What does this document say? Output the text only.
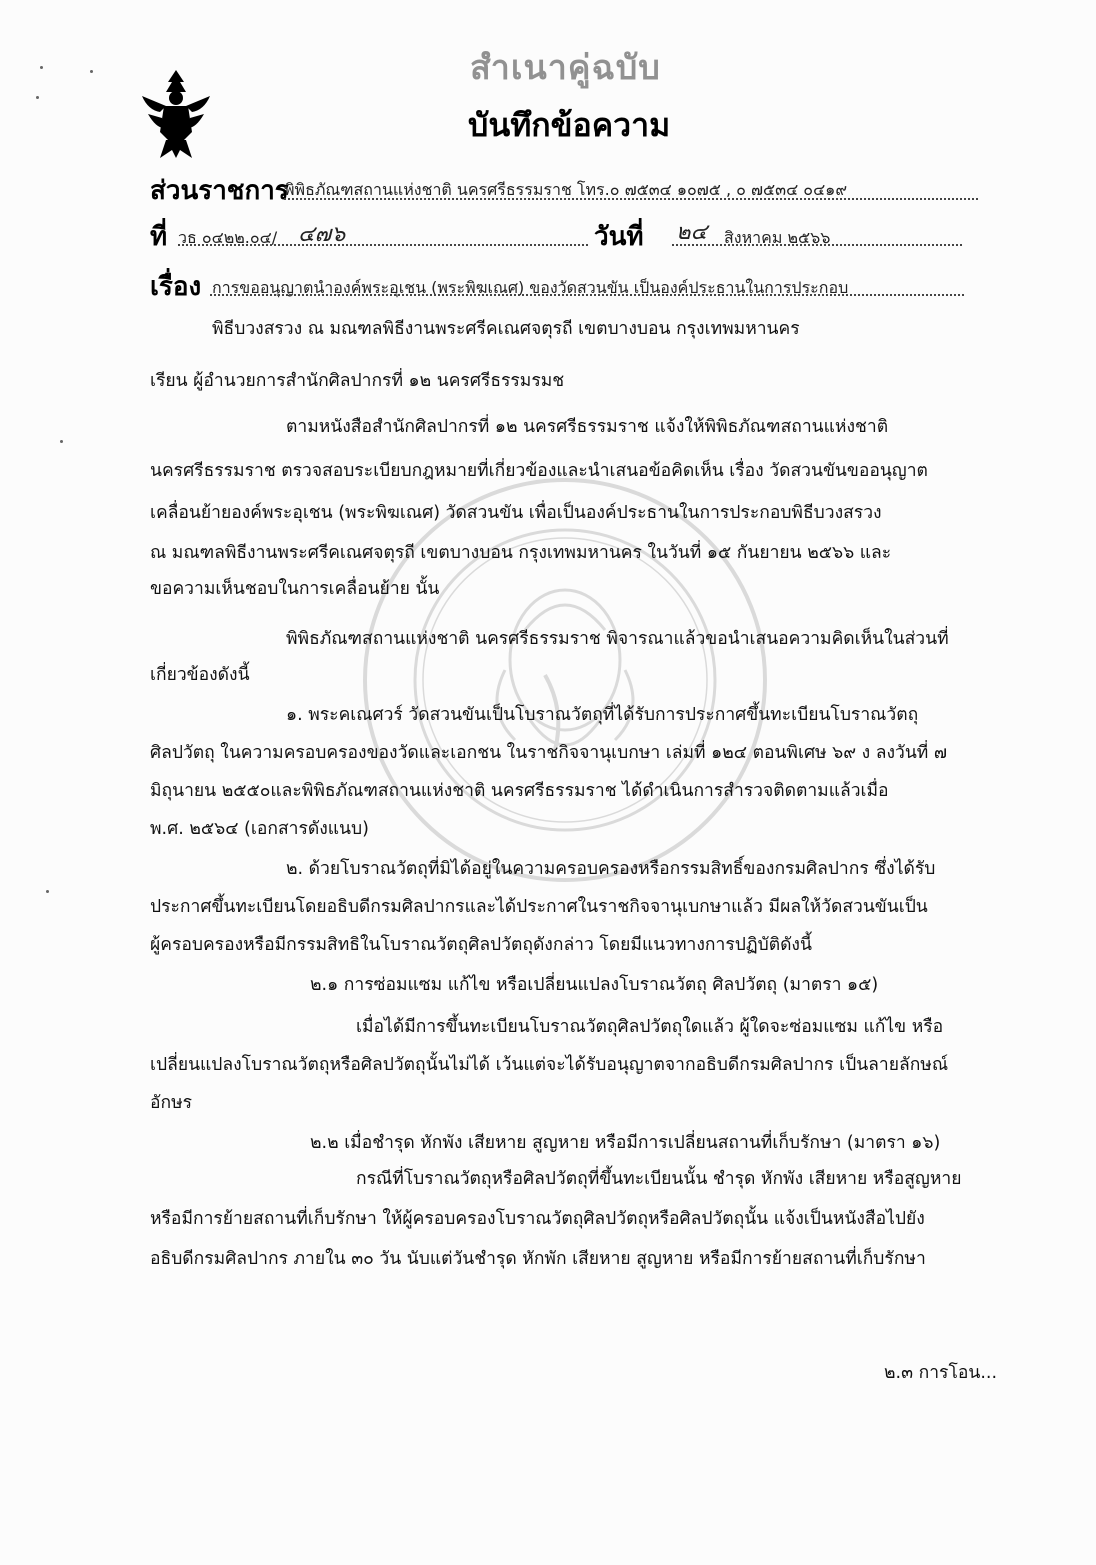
สำเนาคู่ฉบับ
บันทึกข้อความ
ส่วนราชการ
พิพิธภัณฑสถานแห่งชาติ นครศรีธรรมราช โทร.๐ ๗๕๓๔ ๑๐๗๕ , ๐ ๗๕๓๔ ๐๔๑๙
ที่ วธ ๐๔๒๒.๐๔/ ๔๗๖	วันที่ ๒๔ สิงหาคม ๒๕๖๖
เรื่อง การขออนุญาตนำองค์พระอุเชน (พระพิฆเณศ) ของวัดสวนขัน เป็นองค์ประธานในการประกอบ
พิธีบวงสรวง ณ มณฑลพิธีงานพระศรีคเณศจตุรถี เขตบางบอน กรุงเทพมหานคร
เรียน ผู้อำนวยการสำนักศิลปากรที่ ๑๒ นครศรีธรรมรมช
ตามหนังสือสำนักศิลปากรที่ ๑๒ นครศรีธรรมราช แจ้งให้พิพิธภัณฑสถานแห่งชาติ
นครศรีธรรมราช ตรวจสอบระเบียบกฎหมายที่เกี่ยวข้องและนำเสนอข้อคิดเห็น เรื่อง วัดสวนขันขออนุญาต
เคลื่อนย้ายองค์พระอุเชน (พระพิฆเณศ) วัดสวนขัน เพื่อเป็นองค์ประธานในการประกอบพิธีบวงสรวง
ณ มณฑลพิธีงานพระศรีคเณศจตุรถี เขตบางบอน กรุงเทพมหานคร ในวันที่ ๑๕ กันยายน ๒๕๖๖ และ
ขอความเห็นชอบในการเคลื่อนย้าย นั้น
พิพิธภัณฑสถานแห่งชาติ นครศรีธรรมราช พิจารณาแล้วขอนำเสนอความคิดเห็นในส่วนที่
เกี่ยวข้องดังนี้
๑. พระคเณศวร์ วัดสวนขันเป็นโบราณวัตถุที่ได้รับการประกาศขึ้นทะเบียนโบราณวัตถุ
ศิลปวัตถุ ในความครอบครองของวัดและเอกชน ในราชกิจจานุเบกษา เล่มที่ ๑๒๔ ตอนพิเศษ ๖๙ ง ลงวันที่ ๗
มิถุนายน ๒๕๕๐และพิพิธภัณฑสถานแห่งชาติ นครศรีธรรมราช ได้ดำเนินการสำรวจติดตามแล้วเมื่อ
พ.ศ. ๒๕๖๔ (เอกสารดังแนบ)
๒. ด้วยโบราณวัตถุที่มิได้อยู่ในความครอบครองหรือกรรมสิทธิ์ของกรมศิลปากร ซึ่งได้รับ
ประกาศขึ้นทะเบียนโดยอธิบดีกรมศิลปากรและได้ประกาศในราชกิจจานุเบกษาแล้ว มีผลให้วัดสวนขันเป็น
ผู้ครอบครองหรือมีกรรมสิทธิในโบราณวัตถุศิลปวัตถุดังกล่าว โดยมีแนวทางการปฏิบัติดังนี้
๒.๑ การซ่อมแซม แก้ไข หรือเปลี่ยนแปลงโบราณวัตถุ ศิลปวัตถุ (มาตรา ๑๕)
เมื่อได้มีการขึ้นทะเบียนโบราณวัตถุศิลปวัตถุใดแล้ว ผู้ใดจะซ่อมแซม แก้ไข หรือ
เปลี่ยนแปลงโบราณวัตถุหรือศิลปวัตถุนั้นไม่ได้ เว้นแต่จะได้รับอนุญาตจากอธิบดีกรมศิลปากร เป็นลายลักษณ์
อักษร
๒.๒ เมื่อชำรุด หักพัง เสียหาย สูญหาย หรือมีการเปลี่ยนสถานที่เก็บรักษา (มาตรา ๑๖)
กรณีที่โบราณวัตถุหรือศิลปวัตถุที่ขึ้นทะเบียนนั้น ชำรุด หักพัง เสียหาย หรือสูญหาย
หรือมีการย้ายสถานที่เก็บรักษา ให้ผู้ครอบครองโบราณวัตถุศิลปวัตถุหรือศิลปวัตถุนั้น แจ้งเป็นหนังสือไปยัง
อธิบดีกรมศิลปากร ภายใน ๓๐ วัน นับแต่วันชำรุด หักพัก เสียหาย สูญหาย หรือมีการย้ายสถานที่เก็บรักษา
๒.๓ การโอน...
